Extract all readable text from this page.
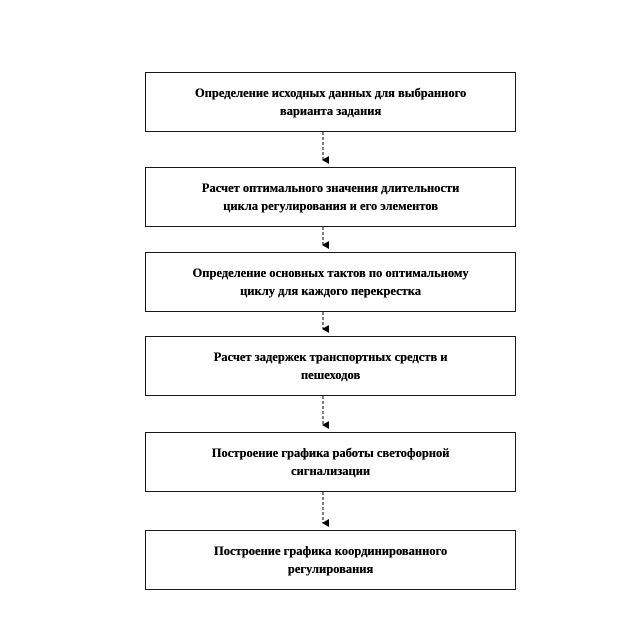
Определение исходных данных для выбранного
варианта задания
Расчет оптимального значения длительности
цикла регулирования и его элементов
Определение основных тактов по оптимальному
циклу для каждого перекрестка
Расчет задержек транспортных средств и
пешеходов
Построение графика работы светофорной
сигнализации
Построение графика координированного
регулирования
